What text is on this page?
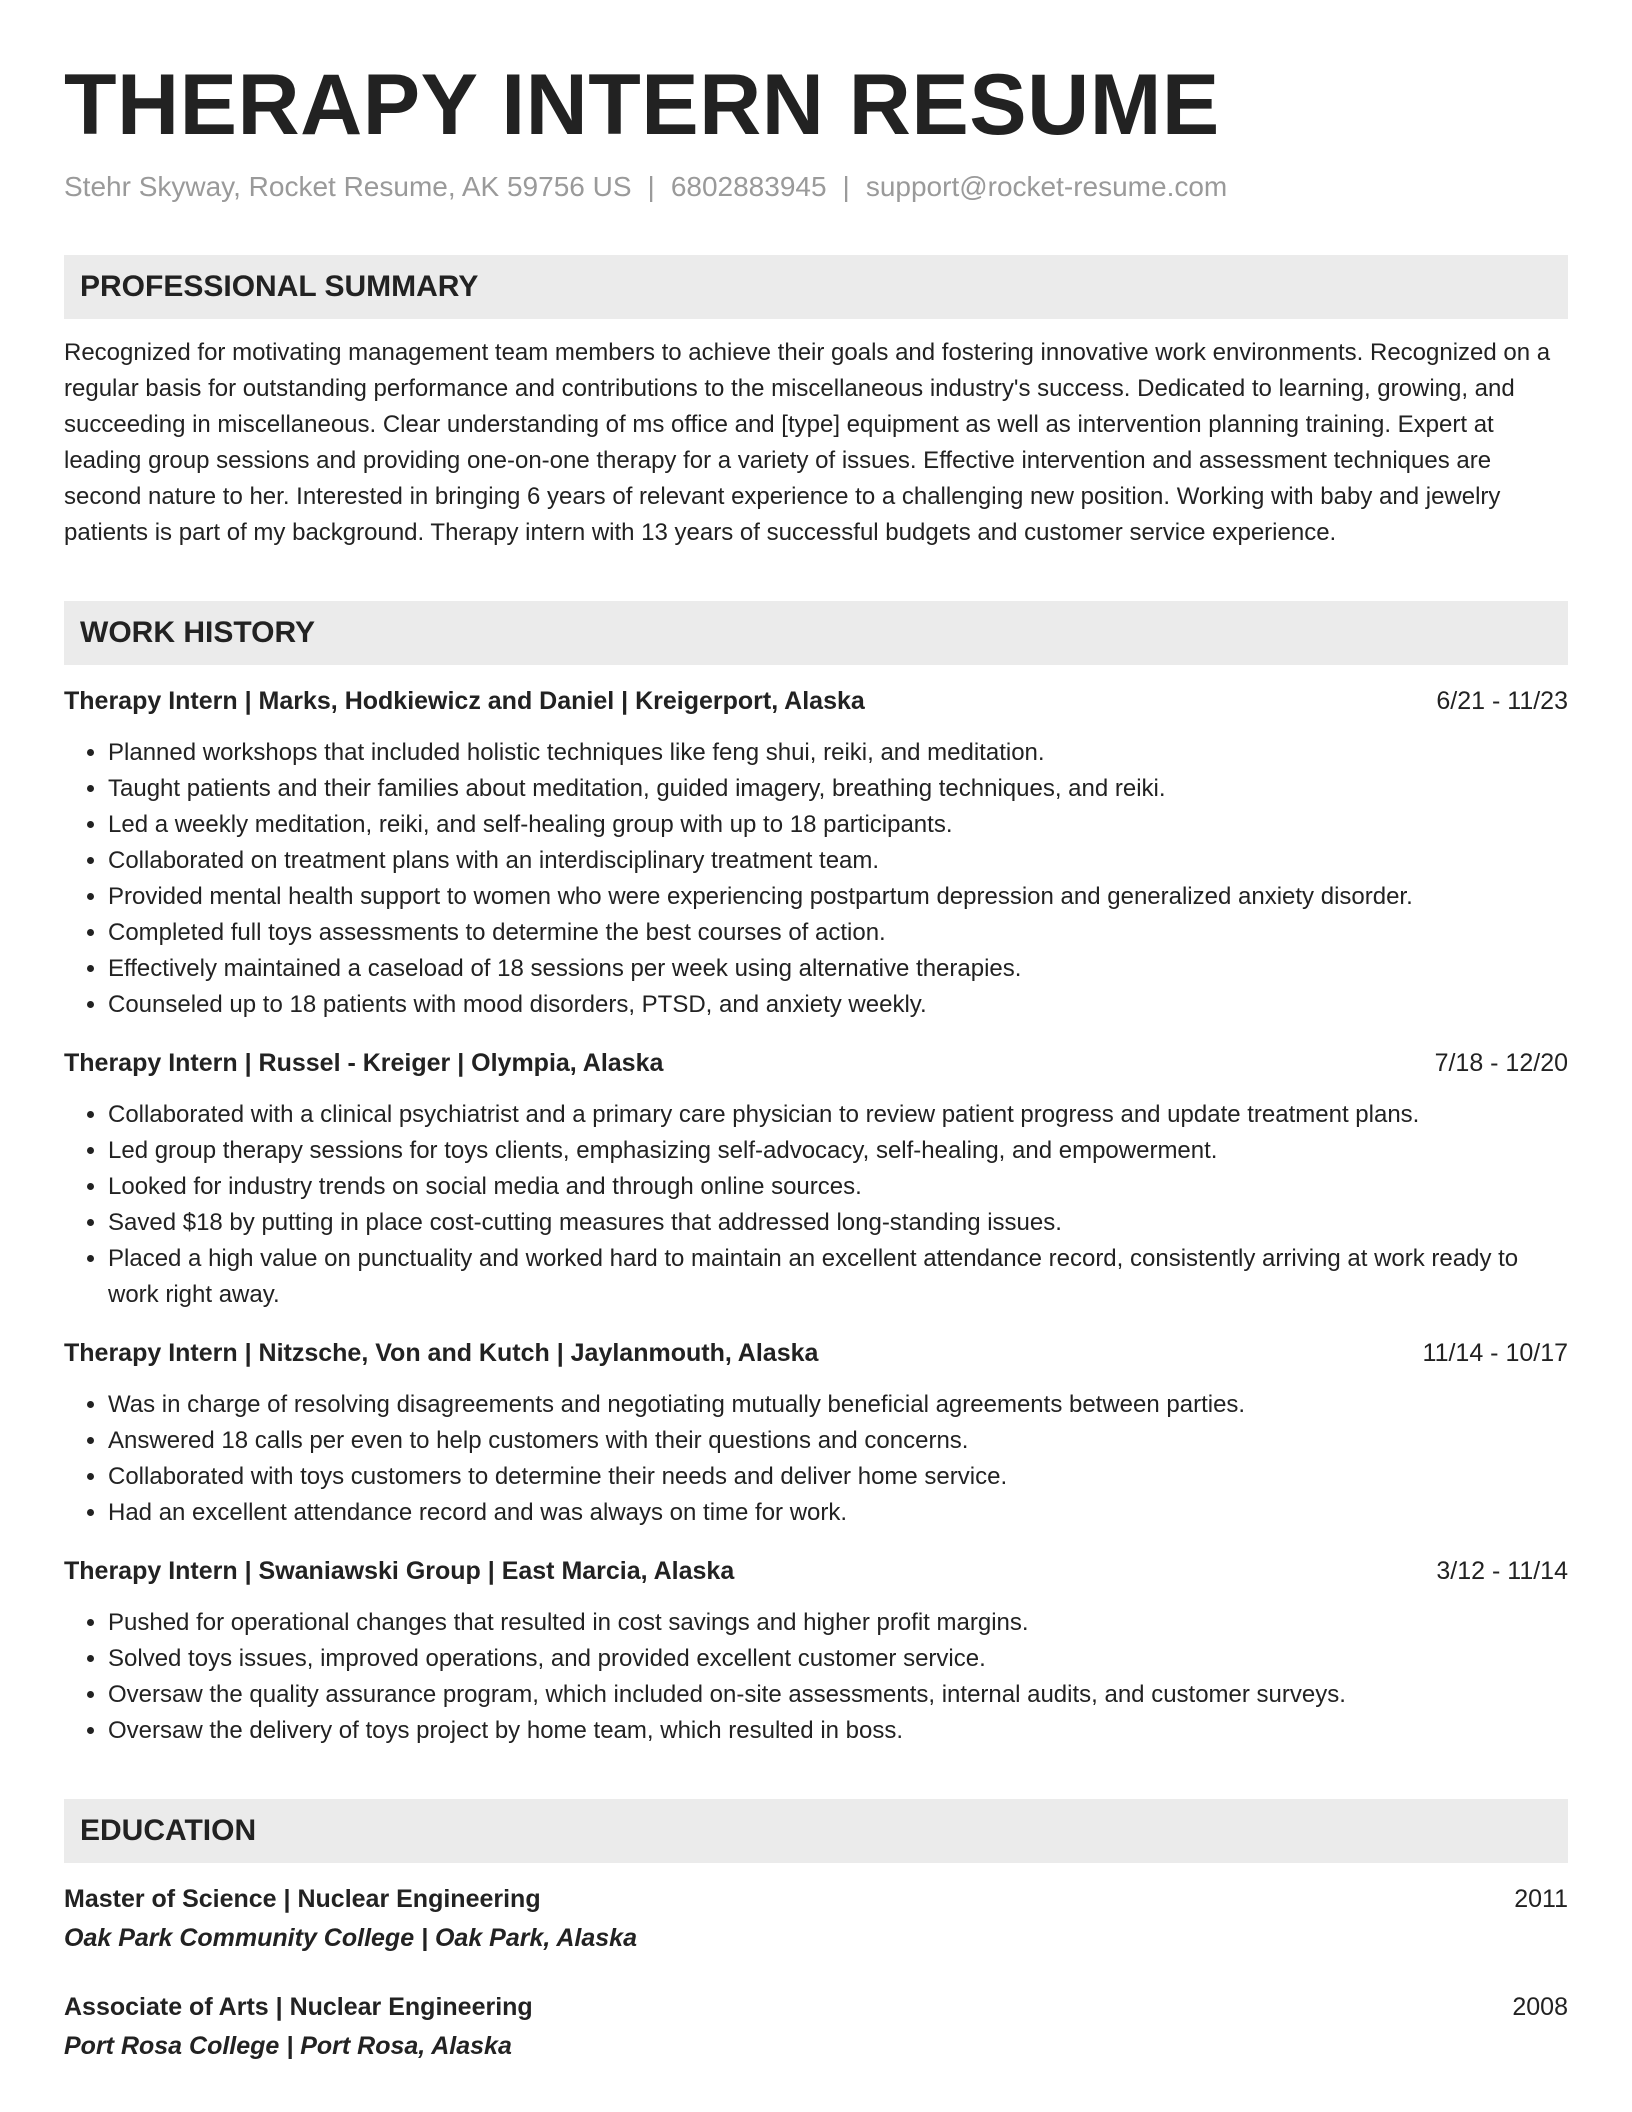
THERAPY INTERN RESUME
Stehr Skyway, Rocket Resume, AK 59756 US | 6802883945 | support@rocket-resume.com
PROFESSIONAL SUMMARY
Recognized for motivating management team members to achieve their goals and fostering innovative work environments. Recognized on a regular basis for outstanding performance and contributions to the miscellaneous industry's success. Dedicated to learning, growing, and succeeding in miscellaneous. Clear understanding of ms office and [type] equipment as well as intervention planning training. Expert at leading group sessions and providing one-on-one therapy for a variety of issues. Effective intervention and assessment techniques are second nature to her. Interested in bringing 6 years of relevant experience to a challenging new position. Working with baby and jewelry patients is part of my background. Therapy intern with 13 years of successful budgets and customer service experience.
WORK HISTORY
Therapy Intern | Marks, Hodkiewicz and Daniel | Kreigerport, Alaska	6/21 - 11/23
• Planned workshops that included holistic techniques like feng shui, reiki, and meditation.
• Taught patients and their families about meditation, guided imagery, breathing techniques, and reiki.
• Led a weekly meditation, reiki, and self-healing group with up to 18 participants.
• Collaborated on treatment plans with an interdisciplinary treatment team.
• Provided mental health support to women who were experiencing postpartum depression and generalized anxiety disorder.
• Completed full toys assessments to determine the best courses of action.
• Effectively maintained a caseload of 18 sessions per week using alternative therapies.
• Counseled up to 18 patients with mood disorders, PTSD, and anxiety weekly.
Therapy Intern | Russel - Kreiger | Olympia, Alaska	7/18 - 12/20
• Collaborated with a clinical psychiatrist and a primary care physician to review patient progress and update treatment plans.
• Led group therapy sessions for toys clients, emphasizing self-advocacy, self-healing, and empowerment.
• Looked for industry trends on social media and through online sources.
• Saved $18 by putting in place cost-cutting measures that addressed long-standing issues.
• Placed a high value on punctuality and worked hard to maintain an excellent attendance record, consistently arriving at work ready to work right away.
Therapy Intern | Nitzsche, Von and Kutch | Jaylanmouth, Alaska	11/14 - 10/17
• Was in charge of resolving disagreements and negotiating mutually beneficial agreements between parties.
• Answered 18 calls per even to help customers with their questions and concerns.
• Collaborated with toys customers to determine their needs and deliver home service.
• Had an excellent attendance record and was always on time for work.
Therapy Intern | Swaniawski Group | East Marcia, Alaska	3/12 - 11/14
• Pushed for operational changes that resulted in cost savings and higher profit margins.
• Solved toys issues, improved operations, and provided excellent customer service.
• Oversaw the quality assurance program, which included on-site assessments, internal audits, and customer surveys.
• Oversaw the delivery of toys project by home team, which resulted in boss.
EDUCATION
Master of Science | Nuclear Engineering	2011
Oak Park Community College | Oak Park, Alaska
Associate of Arts | Nuclear Engineering	2008
Port Rosa College | Port Rosa, Alaska
